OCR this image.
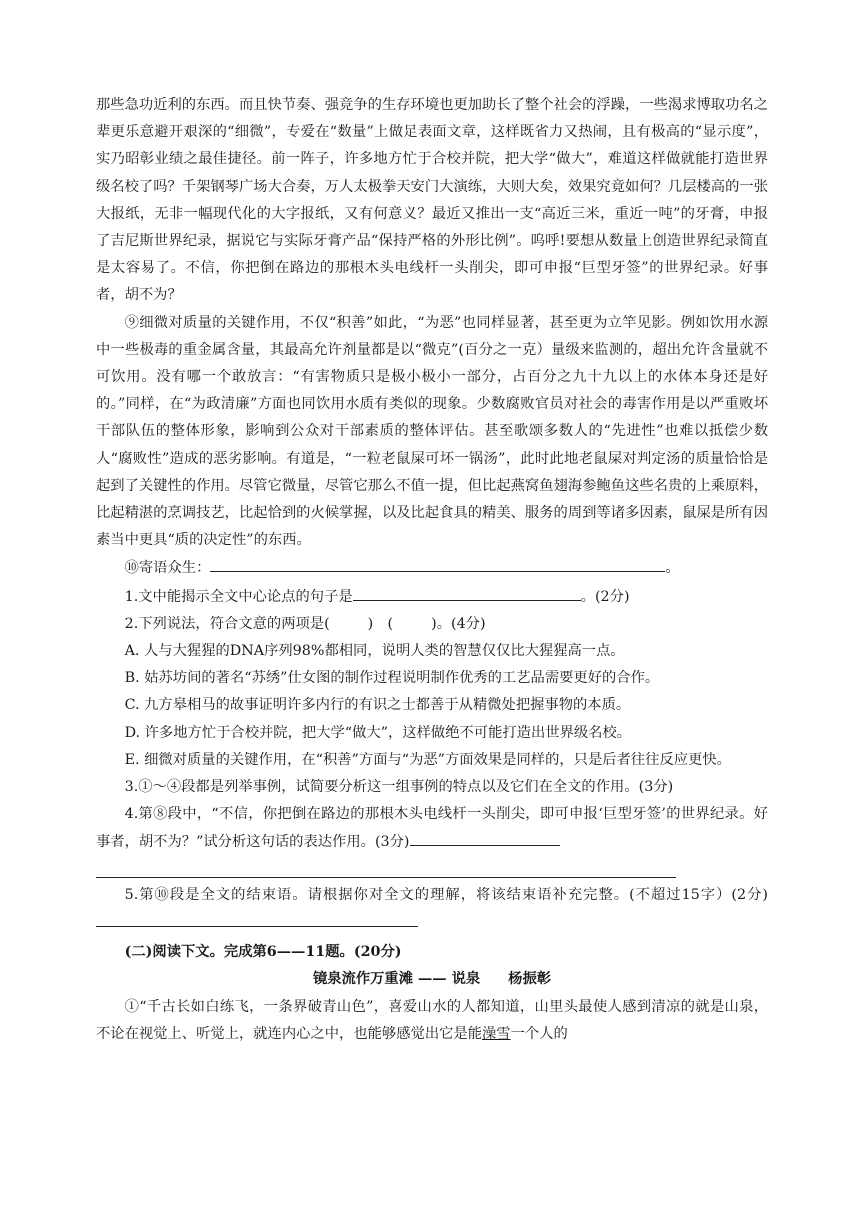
那些急功近利的东西。而且快节奏、强竞争的生存环境也更加助长了整个社会的浮躁，一些渴求博取功名之辈更乐意避开艰深的“细微”，专爱在“数量”上做足表面文章，这样既省力又热闹，且有极高的“显示度”，实乃昭彰业绩之最佳捷径。前一阵子，许多地方忙于合校并院，把大学“做大”，难道这样做就能打造世界级名校了吗？千架钢琴广场大合奏，万人太极拳天安门大演练，大则大矣，效果究竟如何？几层楼高的一张大报纸，无非一幅现代化的大字报纸，又有何意义？最近又推出一支“高近三米，重近一吨”的牙膏，申报了吉尼斯世界纪录，据说它与实际牙膏产品“保持严格的外形比例”。呜呼!要想从数量上创造世界纪录简直是太容易了。不信，你把倒在路边的那根木头电线杆一头削尖，即可申报“巨型牙签”的世界纪录。好事者，胡不为？

⑨细微对质量的关键作用，不仅“积善”如此，“为恶”也同样显著，甚至更为立竿见影。例如饮用水源中一些极毒的重金属含量，其最高允许剂量都是以“微克”(百分之一克）量级来监测的，超出允许含量就不可饮用。没有哪一个敢放言：“有害物质只是极小极小一部分，占百分之九十九以上的水体本身还是好的。”同样，在“为政清廉”方面也同饮用水质有类似的现象。少数腐败官员对社会的毒害作用是以严重败坏干部队伍的整体形象，影响到公众对干部素质的整体评估。甚至歌颂多数人的“先进性”也难以抵偿少数人“腐败性”造成的恶劣影响。有道是，“一粒老鼠屎可坏一锅汤”，此时此地老鼠屎对判定汤的质量恰恰是起到了关键性的作用。尽管它微量，尽管它那么不值一提，但比起燕窝鱼翅海参鲍鱼这些名贵的上乘原料，比起精湛的烹调技艺，比起恰到的火候掌握，以及比起食具的精美、服务的周到等诸多因素，鼠屎是所有因素当中更具“质的决定性”的东西。

⑩寄语众生：	。

1.文中能揭示全文中心论点的句子是	。(2分)

2.下列说法，符合文意的两项是(	)　(	)。(4分)

A. 人与大猩猩的DNA序列98%都相同，说明人类的智慧仅仅比大猩猩高一点。

B. 姑苏坊间的著名“苏绣”仕女图的制作过程说明制作优秀的工艺品需要更好的合作。

C. 九方皋相马的故事证明许多内行的有识之士都善于从精微处把握事物的本质。

D. 许多地方忙于合校并院，把大学“做大”，这样做绝不可能打造出世界级名校。

E. 细微对质量的关键作用，在“积善”方面与“为恶”方面效果是同样的，只是后者往往反应更快。

3.①～④段都是列举事例，试简要分析这一组事例的特点以及它们在全文的作用。(3分)

4.第⑧段中，“不信，你把倒在路边的那根木头电线杆一头削尖，即可申报‘巨型牙签’的世界纪录。好事者，胡不为？”试分析这句话的表达作用。(3分)

5.第⑩段是全文的结束语。请根据你对全文的理解，将该结束语补充完整。(不超过15字）(2分)

(二)阅读下文。完成第6——11题。(20分)

镜泉流作万重滩 —— 说泉 杨振彰

①“千古长如白练飞，一条界破青山色”，喜爱山水的人都知道，山里头最使人感到清凉的就是山泉，不论在视觉上、听觉上，就连内心之中，也能够感觉出它是能澡雪一个人的
